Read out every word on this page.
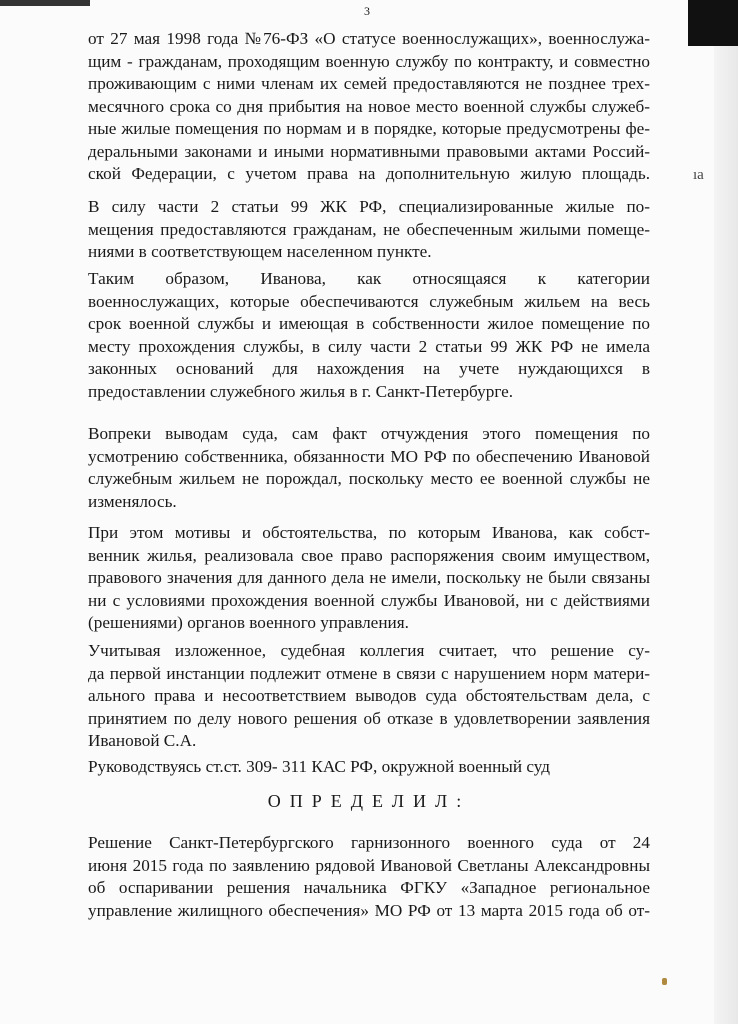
3
ıa
от 27 мая 1998 года №76-ФЗ «О статусе военнослужащих», военнослужа-
щим - гражданам, проходящим военную службу по контракту, и совместно
проживающим с ними членам их семей предоставляются не позднее трех-
месячного срока со дня прибытия на новое место военной службы служеб-
ные жилые помещения по нормам и в порядке, которые предусмотрены фе-
деральными законами и иными нормативными правовыми актами Россий-
ской Федерации, с учетом права на дополнительную жилую площадь.
В силу части 2 статьи 99 ЖК РФ, специализированные жилые по-
мещения предоставляются гражданам, не обеспеченным жилыми помеще-
ниями в соответствующем населенном пункте.
Таким образом, Иванова, как относящаяся к категории
военнослужащих, которые обеспечиваются служебным жильем на весь
срок военной службы и имеющая в собственности жилое помещение по
месту прохождения службы, в силу части 2 статьи 99 ЖК РФ не имела
законных оснований для нахождения на учете нуждающихся в
предоставлении служебного жилья в г. Санкт-Петербурге.
Вопреки выводам суда, сам факт отчуждения этого помещения по
усмотрению собственника, обязанности МО РФ по обеспечению Ивановой
служебным жильем не порождал, поскольку место ее военной службы не
изменялось.
При этом мотивы и обстоятельства, по которым Иванова, как собст-
венник жилья, реализовала свое право распоряжения своим имуществом,
правового значения для данного дела не имели, поскольку не были связаны
ни с условиями прохождения военной службы Ивановой, ни с действиями
(решениями) органов военного управления.
Учитывая изложенное, судебная коллегия считает, что решение су-
да первой инстанции подлежит отмене в связи с нарушением норм матери-
ального права и несоответствием выводов суда обстоятельствам дела, с
принятием по делу нового решения об отказе в удовлетворении заявления
Ивановой С.А.
Руководствуясь ст.ст. 309- 311 КАС РФ, окружной военный суд
ОПРЕДЕЛИЛ:
Решение Санкт-Петербургского гарнизонного военного суда от 24
июня 2015 года по заявлению рядовой Ивановой Светланы Александровны
об оспаривании решения начальника ФГКУ «Западное региональное
управление жилищного обеспечения» МО РФ от 13 марта 2015 года об от-
